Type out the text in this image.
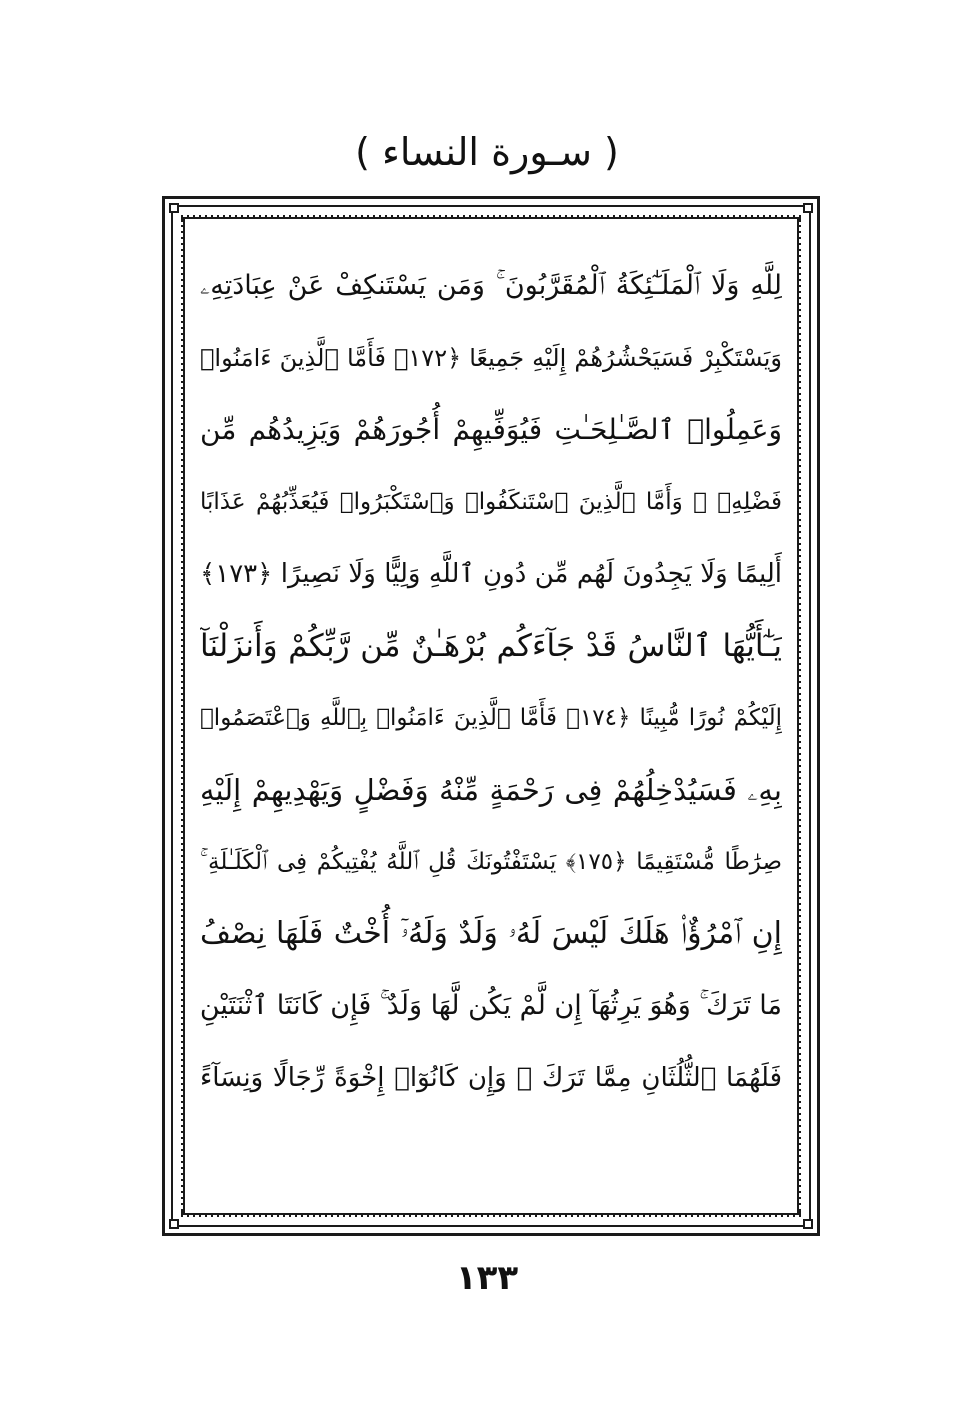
( سـورة النساء )
لِلَّهِ وَلَا ٱلْمَلَـٰٓئِكَةُ ٱلْمُقَرَّبُونَ ۚ وَمَن يَسْتَنكِفْ عَنْ عِبَادَتِهِۦ
وَيَسْتَكْبِرْ فَسَيَحْشُرُهُمْ إِلَيْهِ جَمِيعًا ﴿١٧٢﴾ فَأَمَّا ٱلَّذِينَ ءَامَنُوا۟
وَعَمِلُوا۟ ٱلصَّـٰلِحَـٰتِ فَيُوَفِّيهِمْ أُجُورَهُمْ وَيَزِيدُهُم مِّن
فَضْلِهِۦ ۖ وَأَمَّا ٱلَّذِينَ ٱسْتَنكَفُوا۟ وَٱسْتَكْبَرُوا۟ فَيُعَذِّبُهُمْ عَذَابًا
أَلِيمًا وَلَا يَجِدُونَ لَهُم مِّن دُونِ ٱللَّهِ وَلِيًّا وَلَا نَصِيرًا ﴿١٧٣﴾
يَـٰٓأَيُّهَا ٱلنَّاسُ قَدْ جَآءَكُم بُرْهَـٰنٌ مِّن رَّبِّكُمْ وَأَنزَلْنَآ
إِلَيْكُمْ نُورًا مُّبِينًا ﴿١٧٤﴾ فَأَمَّا ٱلَّذِينَ ءَامَنُوا۟ بِٱللَّهِ وَٱعْتَصَمُوا۟
بِهِۦ فَسَيُدْخِلُهُمْ فِى رَحْمَةٍ مِّنْهُ وَفَضْلٍ وَيَهْدِيهِمْ إِلَيْهِ
صِرَٰطًا مُّسْتَقِيمًا ﴿١٧٥﴾ يَسْتَفْتُونَكَ قُلِ ٱللَّهُ يُفْتِيكُمْ فِى ٱلْكَلَـٰلَةِ ۚ
إِنِ ٱمْرُؤٌا۟ هَلَكَ لَيْسَ لَهُۥ وَلَدٌ وَلَهُۥٓ أُخْتٌ فَلَهَا نِصْفُ
مَا تَرَكَ ۚ وَهُوَ يَرِثُهَآ إِن لَّمْ يَكُن لَّهَا وَلَدٌ ۚ فَإِن كَانَتَا ٱثْنَتَيْنِ
فَلَهُمَا ٱلثُّلُثَانِ مِمَّا تَرَكَ ۚ وَإِن كَانُوٓا۟ إِخْوَةً رِّجَالًا وَنِسَآءً
١٣٣
